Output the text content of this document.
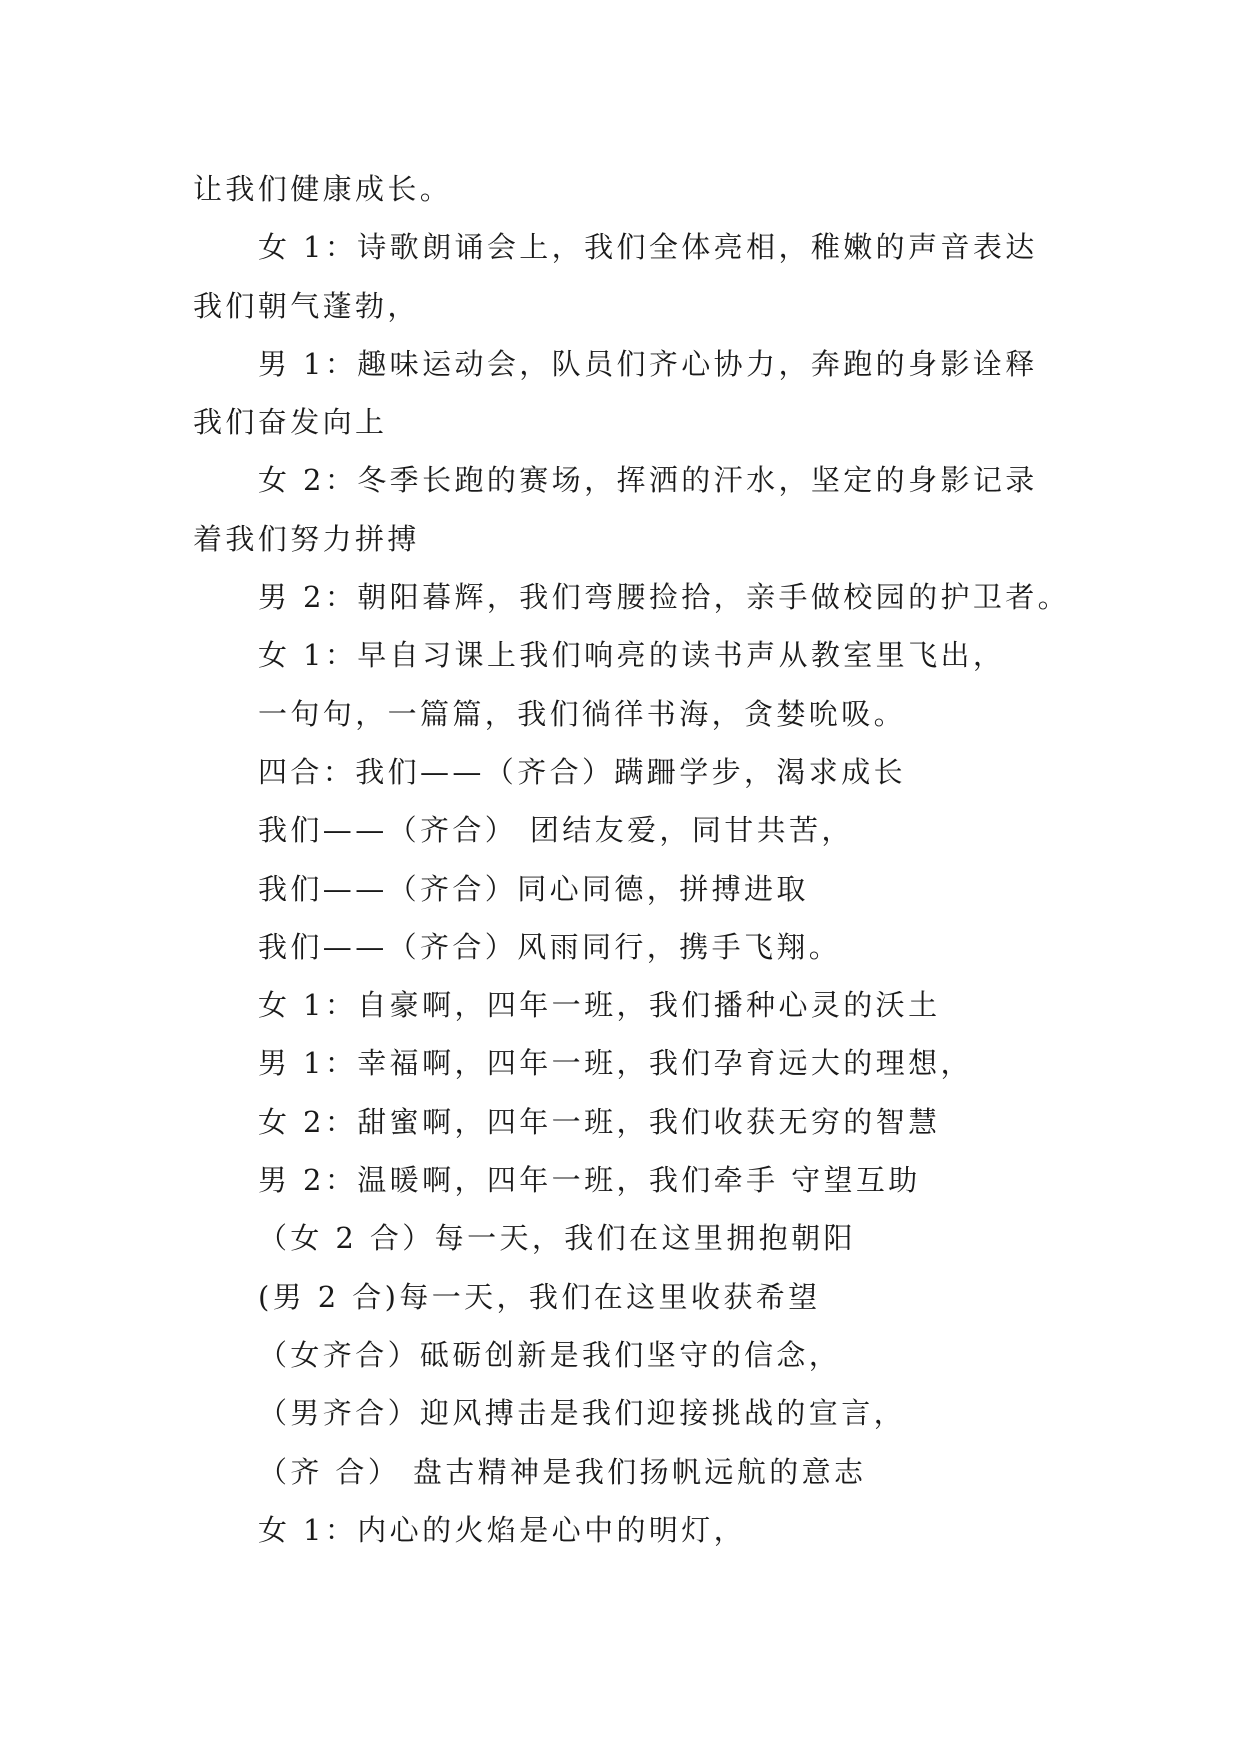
让我们健康成长。
女 1：诗歌朗诵会上，我们全体亮相，稚嫩的声音表达
我们朝气蓬勃，
男 1：趣味运动会，队员们齐心协力，奔跑的身影诠释
我们奋发向上
女 2：冬季长跑的赛场，挥洒的汗水，坚定的身影记录
着我们努力拼搏
男 2：朝阳暮辉，我们弯腰捡拾，亲手做校园的护卫者。
女 1：早自习课上我们响亮的读书声从教室里飞出，
一句句，一篇篇，我们徜徉书海，贪婪吮吸。
四合：我们——（齐合）蹒跚学步，渴求成长
我们——（齐合） 团结友爱，同甘共苦，
我们——（齐合）同心同德，拼搏进取
我们——（齐合）风雨同行，携手飞翔。
女 1：自豪啊，四年一班，我们播种心灵的沃土
男 1：幸福啊，四年一班，我们孕育远大的理想，
女 2：甜蜜啊，四年一班，我们收获无穷的智慧
男 2：温暖啊，四年一班，我们牵手 守望互助
（女 2 合）每一天，我们在这里拥抱朝阳
(男 2 合)每一天，我们在这里收获希望
（女齐合）砥砺创新是我们坚守的信念，
（男齐合）迎风搏击是我们迎接挑战的宣言，
（齐 合） 盘古精神是我们扬帆远航的意志
女 1：内心的火焰是心中的明灯，
